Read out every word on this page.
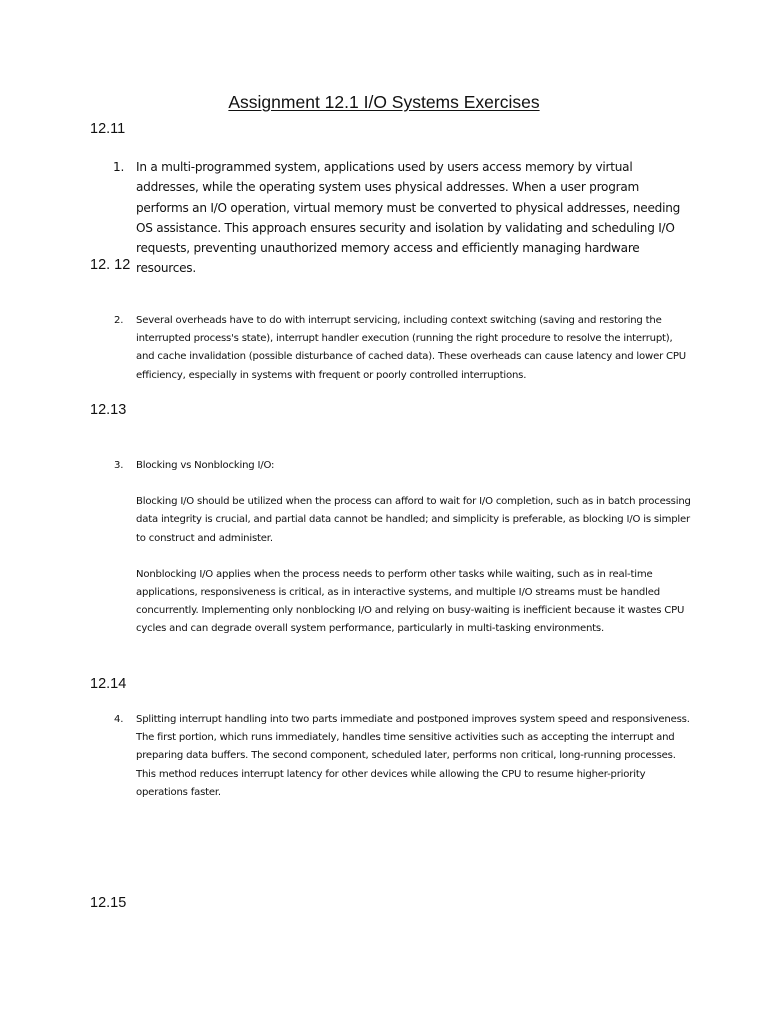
Assignment 12.1 I/O Systems Exercises
12.11
1. In a multi-programmed system, applications used by users access memory by virtual addresses, while the operating system uses physical addresses. When a user program performs an I/O operation, virtual memory must be converted to physical addresses, needing OS assistance. This approach ensures security and isolation by validating and scheduling I/O requests, preventing unauthorized memory access and efficiently managing hardware resources.

12. 12
2. Several overheads have to do with interrupt servicing, including context switching (saving and restoring the interrupted process's state), interrupt handler execution (running the right procedure to resolve the interrupt), and cache invalidation (possible disturbance of cached data). These overheads can cause latency and lower CPU efficiency, especially in systems with frequent or poorly controlled interruptions.

12.13
3. Blocking vs Nonblocking I/O:

Blocking I/O should be utilized when the process can afford to wait for I/O completion, such as in batch processing data integrity is crucial, and partial data cannot be handled; and simplicity is preferable, as blocking I/O is simpler to construct and administer.

Nonblocking I/O applies when the process needs to perform other tasks while waiting, such as in real-time applications, responsiveness is critical, as in interactive systems, and multiple I/O streams must be handled concurrently. Implementing only nonblocking I/O and relying on busy-waiting is inefficient because it wastes CPU cycles and can degrade overall system performance, particularly in multi-tasking environments.

12.14
4. Splitting interrupt handling into two parts immediate and postponed improves system speed and responsiveness. The first portion, which runs immediately, handles time sensitive activities such as accepting the interrupt and preparing data buffers. The second component, scheduled later, performs non critical, long-running processes. This method reduces interrupt latency for other devices while allowing the CPU to resume higher-priority operations faster.

12.15
